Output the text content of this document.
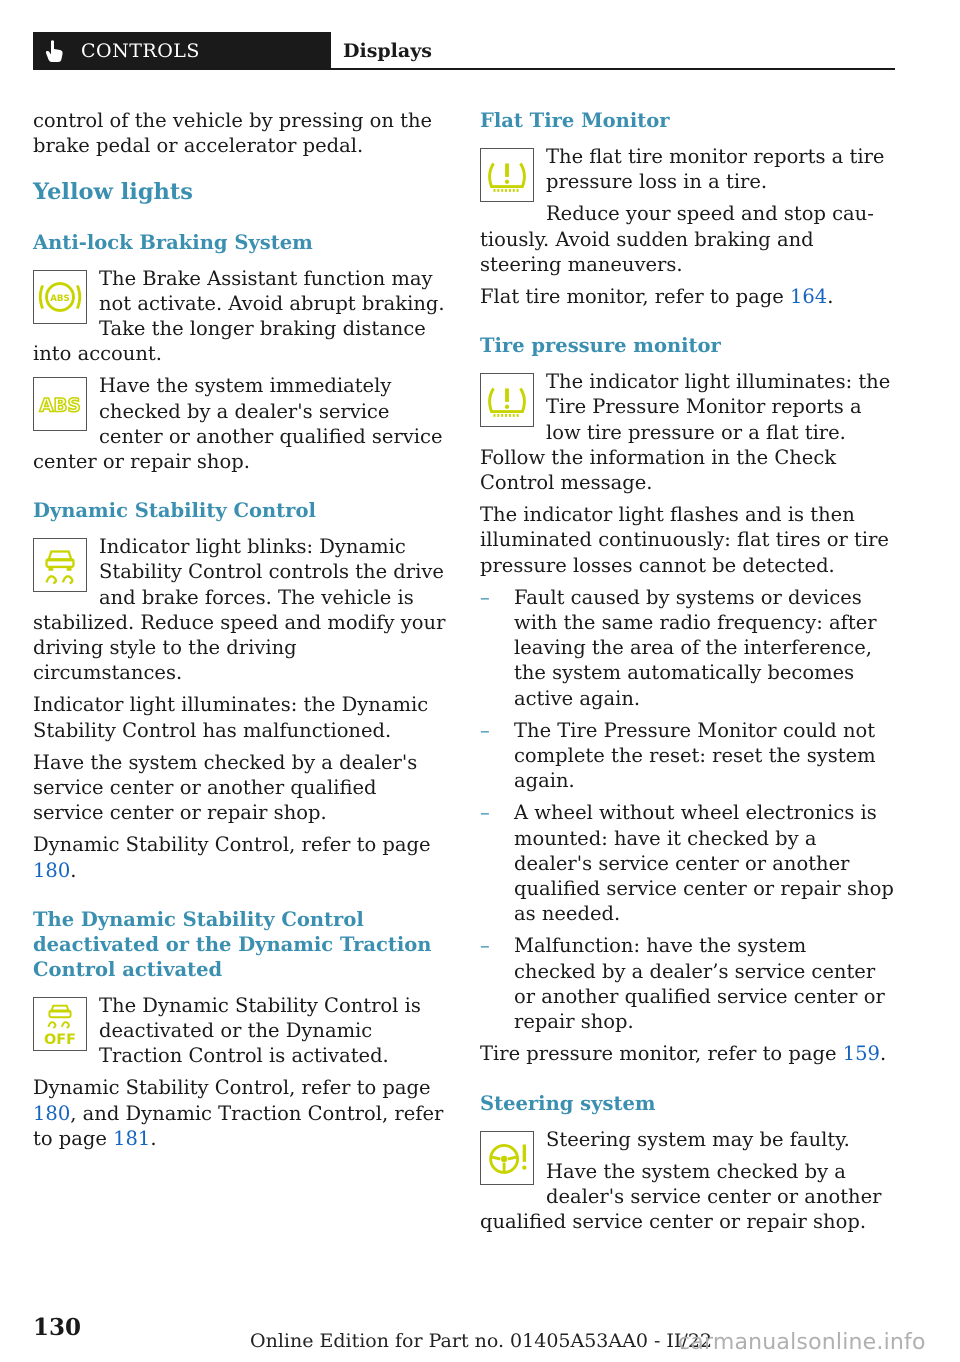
CONTROLS	Displays

control of the vehicle by pressing on the brake pedal or accelerator pedal.

Yellow lights
Anti-lock Braking System
ABS

The Brake Assistant function may not activate. Avoid abrupt braking. Take the longer braking distance into account.

ABS

Have the system immediately checked by a dealer's service center or another qualified service center or repair shop.

Dynamic Stability Control

Indicator light blinks: Dynamic Stability Control controls the drive and brake forces. The vehicle is stabilized. Reduce speed and modify your driving style to the driving circumstances.

Indicator light illuminates: the Dynamic Stability Control has malfunctioned.

Have the system checked by a dealer's service center or another qualified service center or repair shop.

Dynamic Stability Control, refer to page 180.

The Dynamic Stability Control deactivated or the Dynamic Traction Control activated
OFF

The Dynamic Stability Control is deactivated or the Dynamic Traction Control is activated.

Dynamic Stability Control, refer to page 180, and Dynamic Traction Control, refer to page 181.

Flat Tire Monitor

The flat tire monitor reports a tire pressure loss in a tire.

Reduce your speed and stop cautiously. Avoid sudden braking and steering maneuvers.

Flat tire monitor, refer to page 164.

Tire pressure monitor

The indicator light illuminates: the Tire Pressure Monitor reports a low tire pressure or a flat tire. Follow the information in the Check Control message.

The indicator light flashes and is then illuminated continuously: flat tires or tire pressure losses cannot be detected.

– Fault caused by systems or devices with the same radio frequency: after leaving the area of the interference, the system automatically becomes active again.
– The Tire Pressure Monitor could not complete the reset: reset the system again.
– A wheel without wheel electronics is mounted: have it checked by a dealer's service center or another qualified service center or repair shop as needed.
– Malfunction: have the system checked by a dealer’s service center or another qualified service center or repair shop.

Tire pressure monitor, refer to page 159.

Steering system

Steering system may be faulty.

Have the system checked by a dealer's service center or another qualified service center or repair shop.

130	Online Edition for Part no. 01405A53AA0 - II/22
carmanualsonline.info
